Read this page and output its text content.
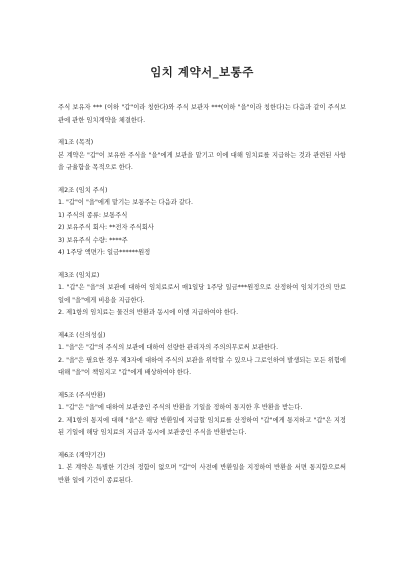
임치 계약서_보통주

주식 보유자 *** (이하 "갑"이라 칭한다)와 주식 보관자 ***(이하 "을"이라 칭한다)는 다음과 같이 주식보관에 관한 임치계약을 체결한다.

제1조 (목적)

본 계약은 "갑"이 보유한 주식을 "을"에게 보관을 맡기고 이에 대해 임치료를 지급하는 것과 관련된 사항을 규율함을 목적으로 한다.

제2조 (임치 주식)

1. "갑"이 "을"에게 맡기는 보통주는 다음과 같다.

1) 주식의 종류: 보통주식

2) 보유주식 회사: **전자 주식회사

3) 보유주식 수량: ****주

4) 1주당 액면가: 일금******원정

제3조 (임치료)

1. "갑"은 "을"의 보관에 대하여 임치료로서 매1일당 1주당 일금***원정으로 산정하여 임치기간의 만료일에 "을"에게 비용을 지급한다.

2. 제1항의 임치료는 물건의 반환과 동시에 이행 지급하여야 한다.

제4조 (신의성실)

1. "을"은 "갑"의 주식의 보관에 대하여 선량한 관리자의 주의의무로써 보관한다.

2. "을"은 필요한 경우 제3자에 대하여 주식의 보관을 위탁할 수 있으나 그로인하여 발생되는 모든 위험에 대해 "을"이 책임지고 "갑"에게 배상하여야 한다.

제5조 (주식반환)

1. "갑"은 "을"에 대하여 보관중인 주식의 반환을 기일을 정하여 통지한 후 반환을 받는다.

2. 제1항의 통지에 대해 "을"은 해당 반환일에 지급할 임치료를 산정하여 "갑"에게 통지하고 "갑"은 지정된 기일에 해당 임치료의 지급과 동시에 보관중인 주식을 반환받는다.

제6조 (계약기간)

1. 본 계약은 특별한 기간의 정함이 없으며 "갑"이 사전에 반환일을 지정하여 반환을 서면 통지함으로써 반환 일에 기간이 종료된다.
